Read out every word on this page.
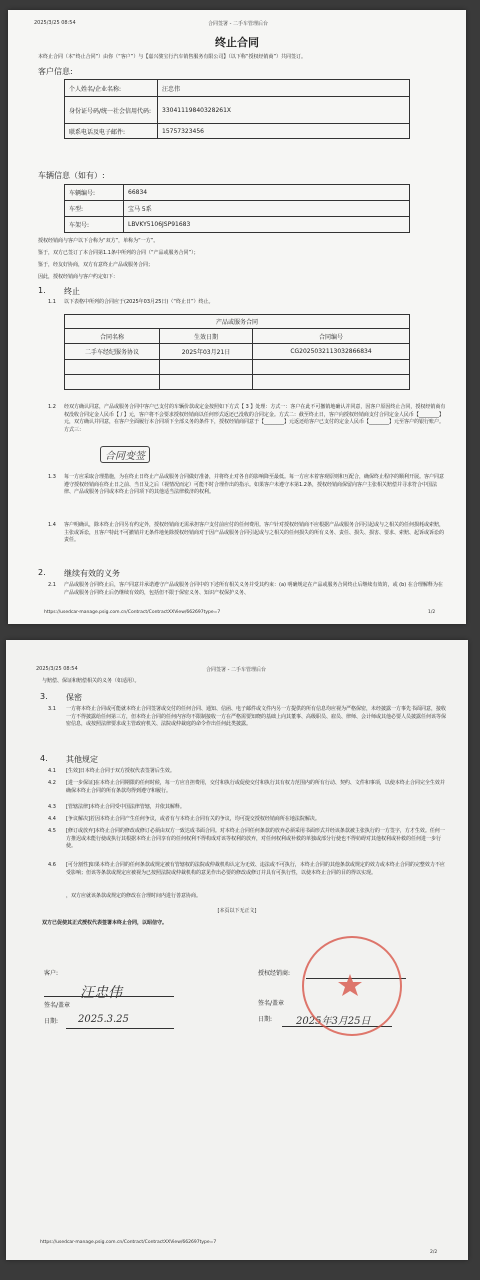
2025/3/25 08:54	合同签署 - 二手车管理后台
终止合同
本终止合同（本“终止合同”）由你（“客户”）与【嘉兴骏宝行汽车销售服务有限公司】（以下称“授权经销商”）共同签订。
客户信息:
个人姓名/企业名称:	汪忠伟
身份证号码/统一社会信用代码:	330411198403282​61X
联系电话及电子邮件:	15757323456
车辆信息（如有）:
车辆编号:	66834
车型:	宝马 5系
车架号:	LBVKY5106JSP91683
授权经销商与客户以下合称为“双方”，单称为“一方”。
鉴于，双方已签订了本合同第1.1条中所列的合同（“产品或服务合同”）；
鉴于，经友好协商，双方有意终止产品或服务合同；
因此，授权经销商与客户约定如下：
1. 终止
1.1 以下表格中所列的合同应于(2025年03月25日)（“终止日”）终止。
产品或服务合同		
合同名称	生效日期	合同编号
二手车经纪服务协议	2025年03月21日	CG20250321130328668​34

1.2 经双方确认同意，产品或服务合同中客户已支付的车辆价款或定金按照如下方式【 3 】处理：方式一：客户在此不可撤销地确认并同意，因客户原因终止合同，授权经销商有权没收合同定金人民币【 / 】元，客户将不会要求授权经销商以任何形式返还已没收的合同定金。方式二：截至终止日，客户向授权经销商支付合同定金人民币【________】元，双方确认并同意，在客户全面履行本合同项下全部义务的条件下，授权经销商同意于【________】元返还给客户已支付的定金人民币【________】元至客户的银行账户。方式三：
合同变签
1.3 每一方应采取合理措施，为在终止日终止产品或服务合同做好准备，并将终止对各自的影响降至最低。每一方应本着客观原则和互配合，确保终止程序的顺利开展。客户同意遵守授权经销商在终止日之前、当日及之后（视情况而定）可能不时合理作出的指示。如果客户未遵守本第1.2条，授权经销商保留向客户主张相关赔偿并寻求符合中国法律、产品或服务合同或本终止合同项下的其他适当法律救济的权利。
1.4 客户明确认，除本终止合同另有约定外，授权经销商无需承担客户支付前应付的任何费用。客户针对授权经销商不应根据产品或服务合同引起或与之相关的任何损耗或索赔，主张或诉讼，且客户特此不可撤销并无条件地免除授权经销商对于因产品或服务合同引起或与之相关的任何损失的所有义务、责任、损失、损害、要求、索赔、起诉或诉讼的责任。
2. 继续有效的义务
2.1 产品或服务合同终止后，客户同意并承诺遵守产品或服务合同中的下述所有相关义务并受其约束：(a) 明确规定在产品或服务合同终止后继续有效的，或 (b) 在合理解释为在产品或服务合同终止后仍继续有效的，包括但不限于保密义务、知识产权保护义务、
https://usedcar-manage.psig.com.cn/Contract/ContractXXView/662697type=7	1/2
2025/3/25 08:54	合同签署 - 二手车管理后台
与赔偿、保证和赔偿相关的义务（如适用）。
3. 保密
3.1 一方将本终止合同或可能就本终止合同签署或交付的任何合同、通知、信函、电子邮件或文件内另一方提供的所有信息均应视为严格保密，未经披露一方事先书面同意，接收一方不得披露给任何第三方，但本终止合同的任何内容均不限制接收一方在严格需要知晓的基础上向其董事、高级职员、雇员、律师、会计师或其他必要人员披露任何该等保密信息，或按照法律要求或主管政府机关、法院或仲裁庭的命令作出任何此类披露。
4. 其他规定
4.1 [生效]日本终止合同于双方授权代表签署后生效。
4.2 [进一步保证]在本终止合同期限的任何时候，每一方应自担费用，交付和执行或促使交付和执行其有权力范围内的所有行动、契约、文件和事项，以使本终止合同完全生效并确保本终止合同的所有条款均得到遵守和履行。
4.3 [管辖法律]本终止合同受中国法律管辖，并依其解释。
4.4 [争议解决]若因本终止合同产生任何争议，或者有与本终止合同有关的争议，均可提交授权经销商所在地法院解决。
4.5 [修订或放弃]本终止合同的修改或修订必须由双方一致达成书面合同。对本终止合同任何条款的放弃必须采用书面形式并经该条款被主张执行的一方签字，方才生效。任何一方推迟或未能行使或执行其根据本终止合同享有的任何权利不得构成对该等权利的放弃，对任何权利或补救的单独或部分行使也不得妨碍对其他权利或补救的任何进一步行使。
4.6 [可分割性]如果本终止合同的任何条款或规定被有管辖权的法院或仲裁机构认定为无效、违法或不可执行，本终止合同的其他条款或规定的效力或本终止合同的完整效力不应受影响；但该等条款或规定应被视为已按照法院或仲裁机构的意见作出必要的修改或修订并具有可执行性，以使本终止合同的目的得以实现。
，双方应就该条款或规定的修改在合理时间内进行善意协商。
[本页以下无正文]
双方已促使其正式授权代表签署本终止合同，以昭信守。
客户:
汪忠伟
签名/盖章
日期: 2025.3.25
授权经销商:
签名/盖章
日期: 2025年3月25日
https://usedcar-manage.psig.com.cn/Contract/ContractXXView/662697type=7
2/2
